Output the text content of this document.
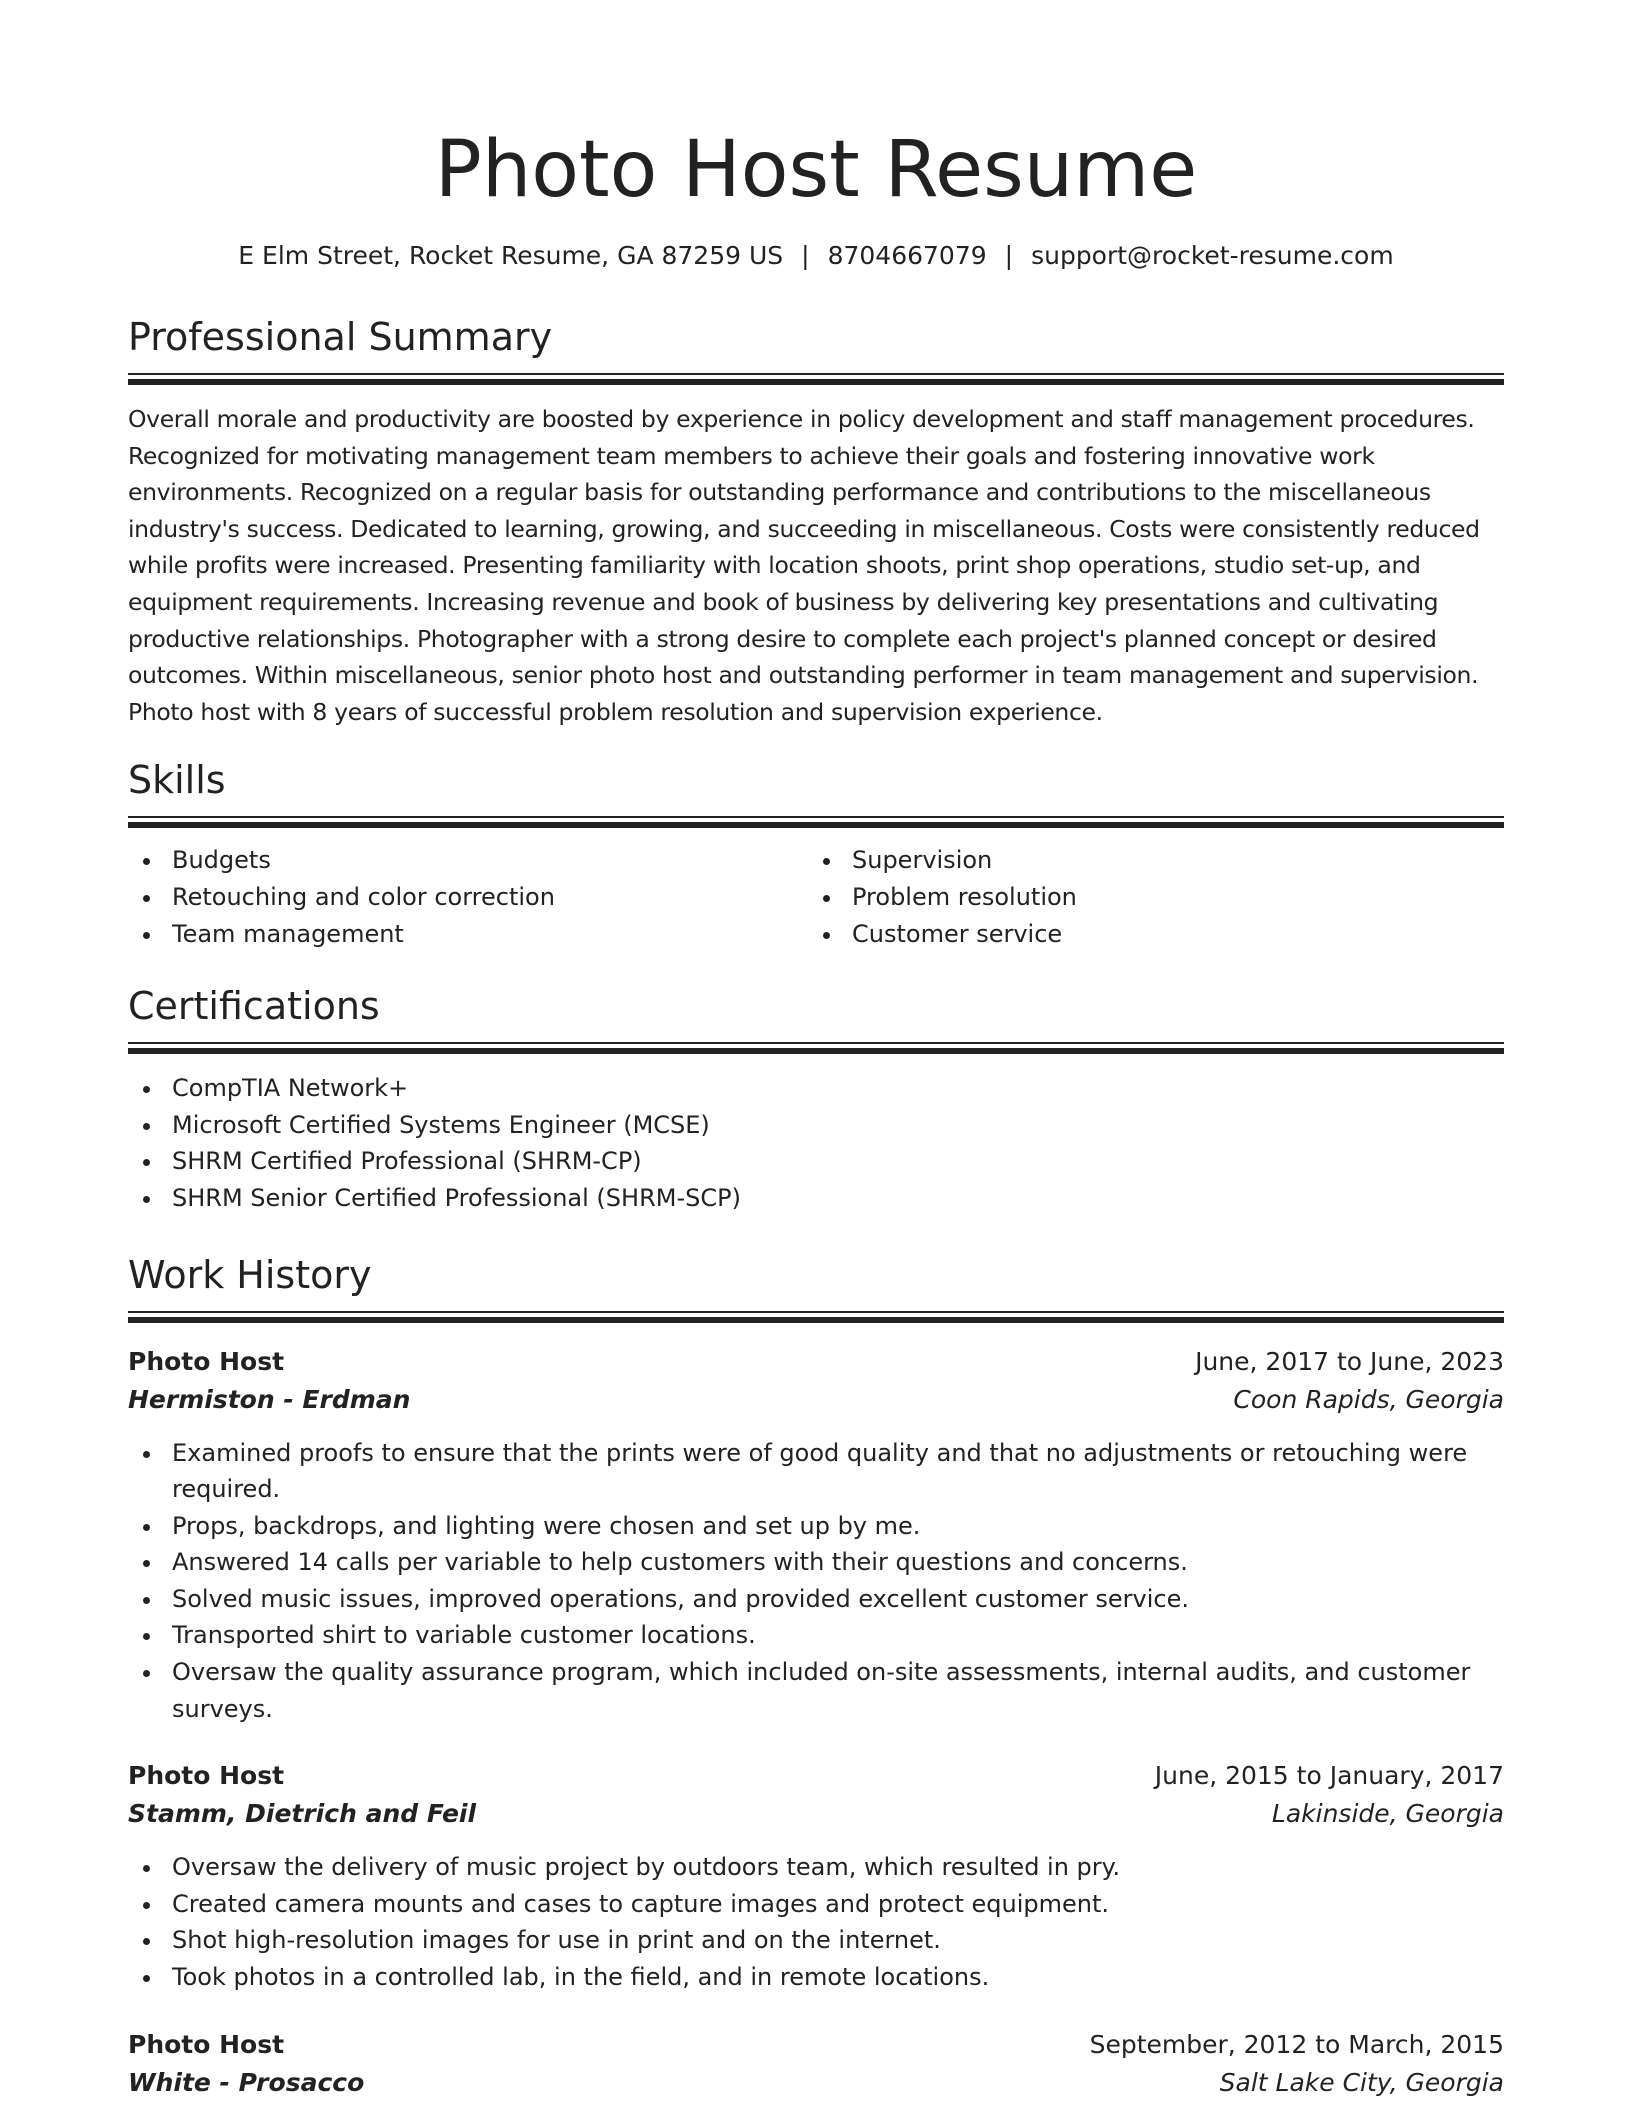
Photo Host Resume
E Elm Street, Rocket Resume, GA 87259 US | 8704667079 | support@rocket-resume.com
Professional Summary

Overall morale and productivity are boosted by experience in policy development and staff management procedures. Recognized for motivating management team members to achieve their goals and fostering innovative work environments. Recognized on a regular basis for outstanding performance and contributions to the miscellaneous industry's success. Dedicated to learning, growing, and succeeding in miscellaneous. Costs were consistently reduced while profits were increased. Presenting familiarity with location shoots, print shop operations, studio set-up, and equipment requirements. Increasing revenue and book of business by delivering key presentations and cultivating productive relationships. Photographer with a strong desire to complete each project's planned concept or desired outcomes. Within miscellaneous, senior photo host and outstanding performer in team management and supervision. Photo host with 8 years of successful problem resolution and supervision experience.

Skills
Budgets
Retouching and color correction
Team management
Supervision
Problem resolution
Customer service
Certifications
CompTIA Network+
Microsoft Certified Systems Engineer (MCSE)
SHRM Certified Professional (SHRM-CP)
SHRM Senior Certified Professional (SHRM-SCP)
Work History
Photo Host	June, 2017 to June, 2023
Hermiston - Erdman	Coon Rapids, Georgia
Examined proofs to ensure that the prints were of good quality and that no adjustments or retouching were required.
Props, backdrops, and lighting were chosen and set up by me.
Answered 14 calls per variable to help customers with their questions and concerns.
Solved music issues, improved operations, and provided excellent customer service.
Transported shirt to variable customer locations.
Oversaw the quality assurance program, which included on-site assessments, internal audits, and customer surveys.
Photo Host	June, 2015 to January, 2017
Stamm, Dietrich and Feil	Lakinside, Georgia
Oversaw the delivery of music project by outdoors team, which resulted in pry.
Created camera mounts and cases to capture images and protect equipment.
Shot high-resolution images for use in print and on the internet.
Took photos in a controlled lab, in the field, and in remote locations.
Photo Host	September, 2012 to March, 2015
White - Prosacco	Salt Lake City, Georgia
